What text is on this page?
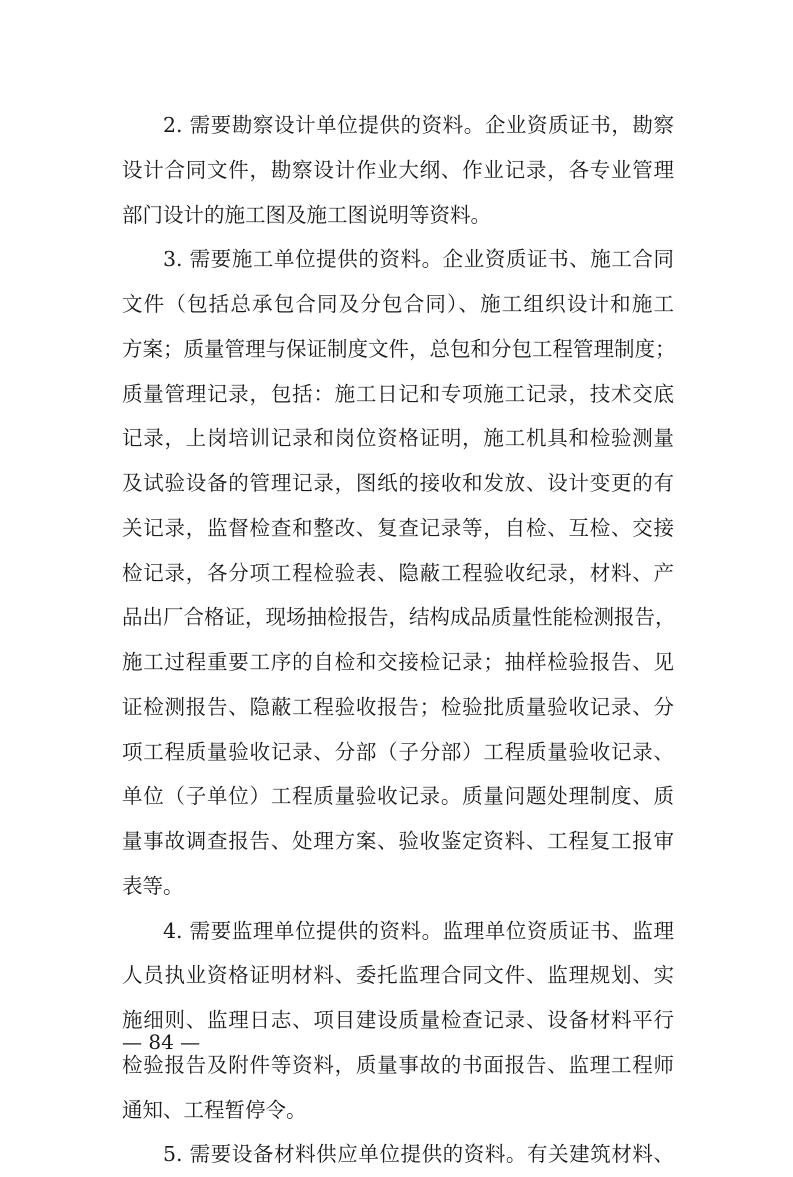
2. 需要勘察设计单位提供的资料。企业资质证书，勘察
设计合同文件，勘察设计作业大纲、作业记录，各专业管理
部门设计的施工图及施工图说明等资料。
3. 需要施工单位提供的资料。企业资质证书、施工合同
文件（包括总承包合同及分包合同）、施工组织设计和施工
方案；质量管理与保证制度文件，总包和分包工程管理制度；
质量管理记录，包括：施工日记和专项施工记录，技术交底
记录，上岗培训记录和岗位资格证明，施工机具和检验测量
及试验设备的管理记录，图纸的接收和发放、设计变更的有
关记录，监督检查和整改、复查记录等，自检、互检、交接
检记录，各分项工程检验表、隐蔽工程验收纪录，材料、产
品出厂合格证，现场抽检报告，结构成品质量性能检测报告，
施工过程重要工序的自检和交接检记录；抽样检验报告、见
证检测报告、隐蔽工程验收报告；检验批质量验收记录、分
项工程质量验收记录、分部（子分部）工程质量验收记录、
单位（子单位）工程质量验收记录。质量问题处理制度、质
量事故调查报告、处理方案、验收鉴定资料、工程复工报审
表等。
4. 需要监理单位提供的资料。监理单位资质证书、监理
人员执业资格证明材料、委托监理合同文件、监理规划、实
施细则、监理日志、项目建设质量检查记录、设备材料平行
检验报告及附件等资料，质量事故的书面报告、监理工程师
通知、工程暂停令。
5. 需要设备材料供应单位提供的资料。有关建筑材料、
— 84 —
